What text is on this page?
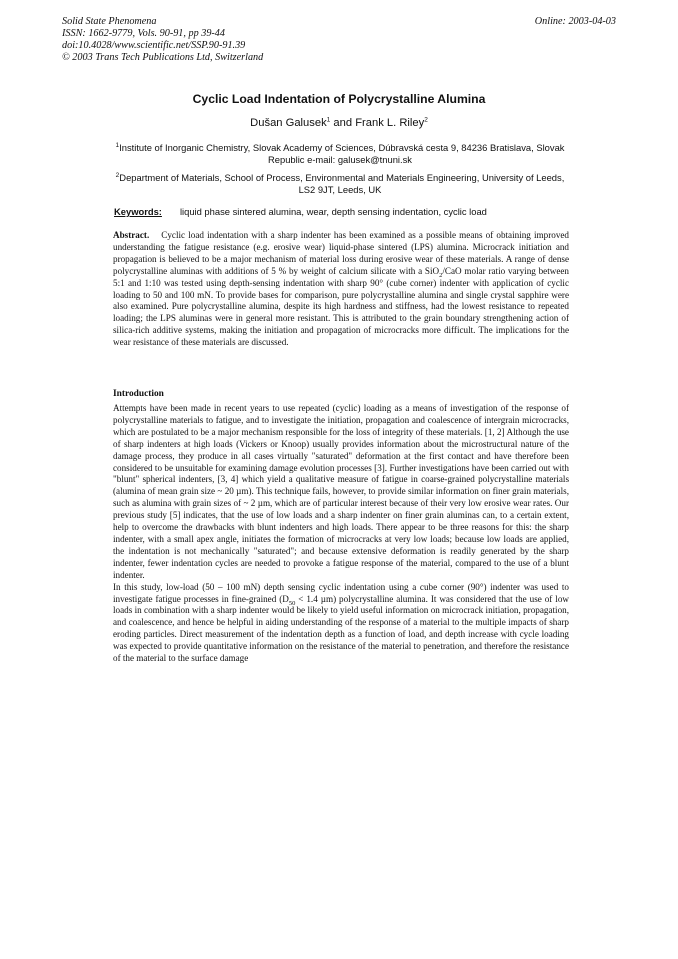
Solid State Phenomena
ISSN: 1662-9779, Vols. 90-91, pp 39-44
doi:10.4028/www.scientific.net/SSP.90-91.39
© 2003 Trans Tech Publications Ltd, Switzerland
Online: 2003-04-03
Cyclic Load Indentation of Polycrystalline Alumina
Dušan Galusek$^1$ and Frank L. Riley$^2$
$^1$Institute of Inorganic Chemistry, Slovak Academy of Sciences, Dúbravská cesta 9, 84236 Bratislava, Slovak Republic e-mail: galusek@tnuni.sk
$^2$Department of Materials, School of Process, Environmental and Materials Engineering, University of Leeds, LS2 9JT, Leeds, UK
Keywords: liquid phase sintered alumina, wear, depth sensing indentation, cyclic load
Abstract. Cyclic load indentation with a sharp indenter has been examined as a possible means of obtaining improved understanding the fatigue resistance (e.g. erosive wear) liquid-phase sintered (LPS) alumina. Microcrack initiation and propagation is believed to be a major mechanism of material loss during erosive wear of these materials. A range of dense polycrystalline aluminas with additions of 5 % by weight of calcium silicate with a SiO$_2$/CaO molar ratio varying between 5:1 and 1:10 was tested using depth-sensing indentation with sharp 90° (cube corner) indenter with application of cyclic loading to 50 and 100 mN. To provide bases for comparison, pure polycrystalline alumina and single crystal sapphire were also examined. Pure polycrystalline alumina, despite its high hardness and stiffness, had the lowest resistance to repeated loading; the LPS aluminas were in general more resistant. This is attributed to the grain boundary strengthening action of silica-rich additive systems, making the initiation and propagation of microcracks more difficult. The implications for the wear resistance of these materials are discussed.
Introduction

Attempts have been made in recent years to use repeated (cyclic) loading as a means of investigation of the response of polycrystalline materials to fatigue, and to investigate the initiation, propagation and coalescence of intergrain microcracks, which are postulated to be a major mechanism responsible for the loss of integrity of these materials. [1, 2] Although the use of sharp indenters at high loads (Vickers or Knoop) usually provides information about the microstructural nature of the damage process, they produce in all cases virtually "saturated" deformation at the first contact and have therefore been considered to be unsuitable for examining damage evolution processes [3]. Further investigations have been carried out with "blunt" spherical indenters, [3, 4] which yield a qualitative measure of fatigue in coarse-grained polycrystalline materials (alumina of mean grain size ~ 20 µm). This technique fails, however, to provide similar information on finer grain materials, such as alumina with grain sizes of ~ 2 µm, which are of particular interest because of their very low erosive wear rates. Our previous study [5] indicates, that the use of low loads and a sharp indenter on finer grain aluminas can, to a certain extent, help to overcome the drawbacks with blunt indenters and high loads. There appear to be three reasons for this: the sharp indenter, with a small apex angle, initiates the formation of microcracks at very low loads; because low loads are applied, the indentation is not mechanically "saturated"; and because extensive deformation is readily generated by the sharp indenter, fewer indentation cycles are needed to provoke a fatigue response of the material, compared to the use of a blunt indenter.

In this study, low-load (50 – 100 mN) depth sensing cyclic indentation using a cube corner (90°) indenter was used to investigate fatigue processes in fine-grained ($D_{50} < 1.4$ µm) polycrystalline alumina. It was considered that the use of low loads in combination with a sharp indenter would be likely to yield useful information on microcrack initiation, propagation, and coalescence, and hence be helpful in aiding understanding of the response of a material to the multiple impacts of sharp eroding particles. Direct measurement of the indentation depth as a function of load, and depth increase with cycle loading was expected to provide quantitative information on the resistance of the material to penetration, and therefore the resistance of the material to the surface damage
